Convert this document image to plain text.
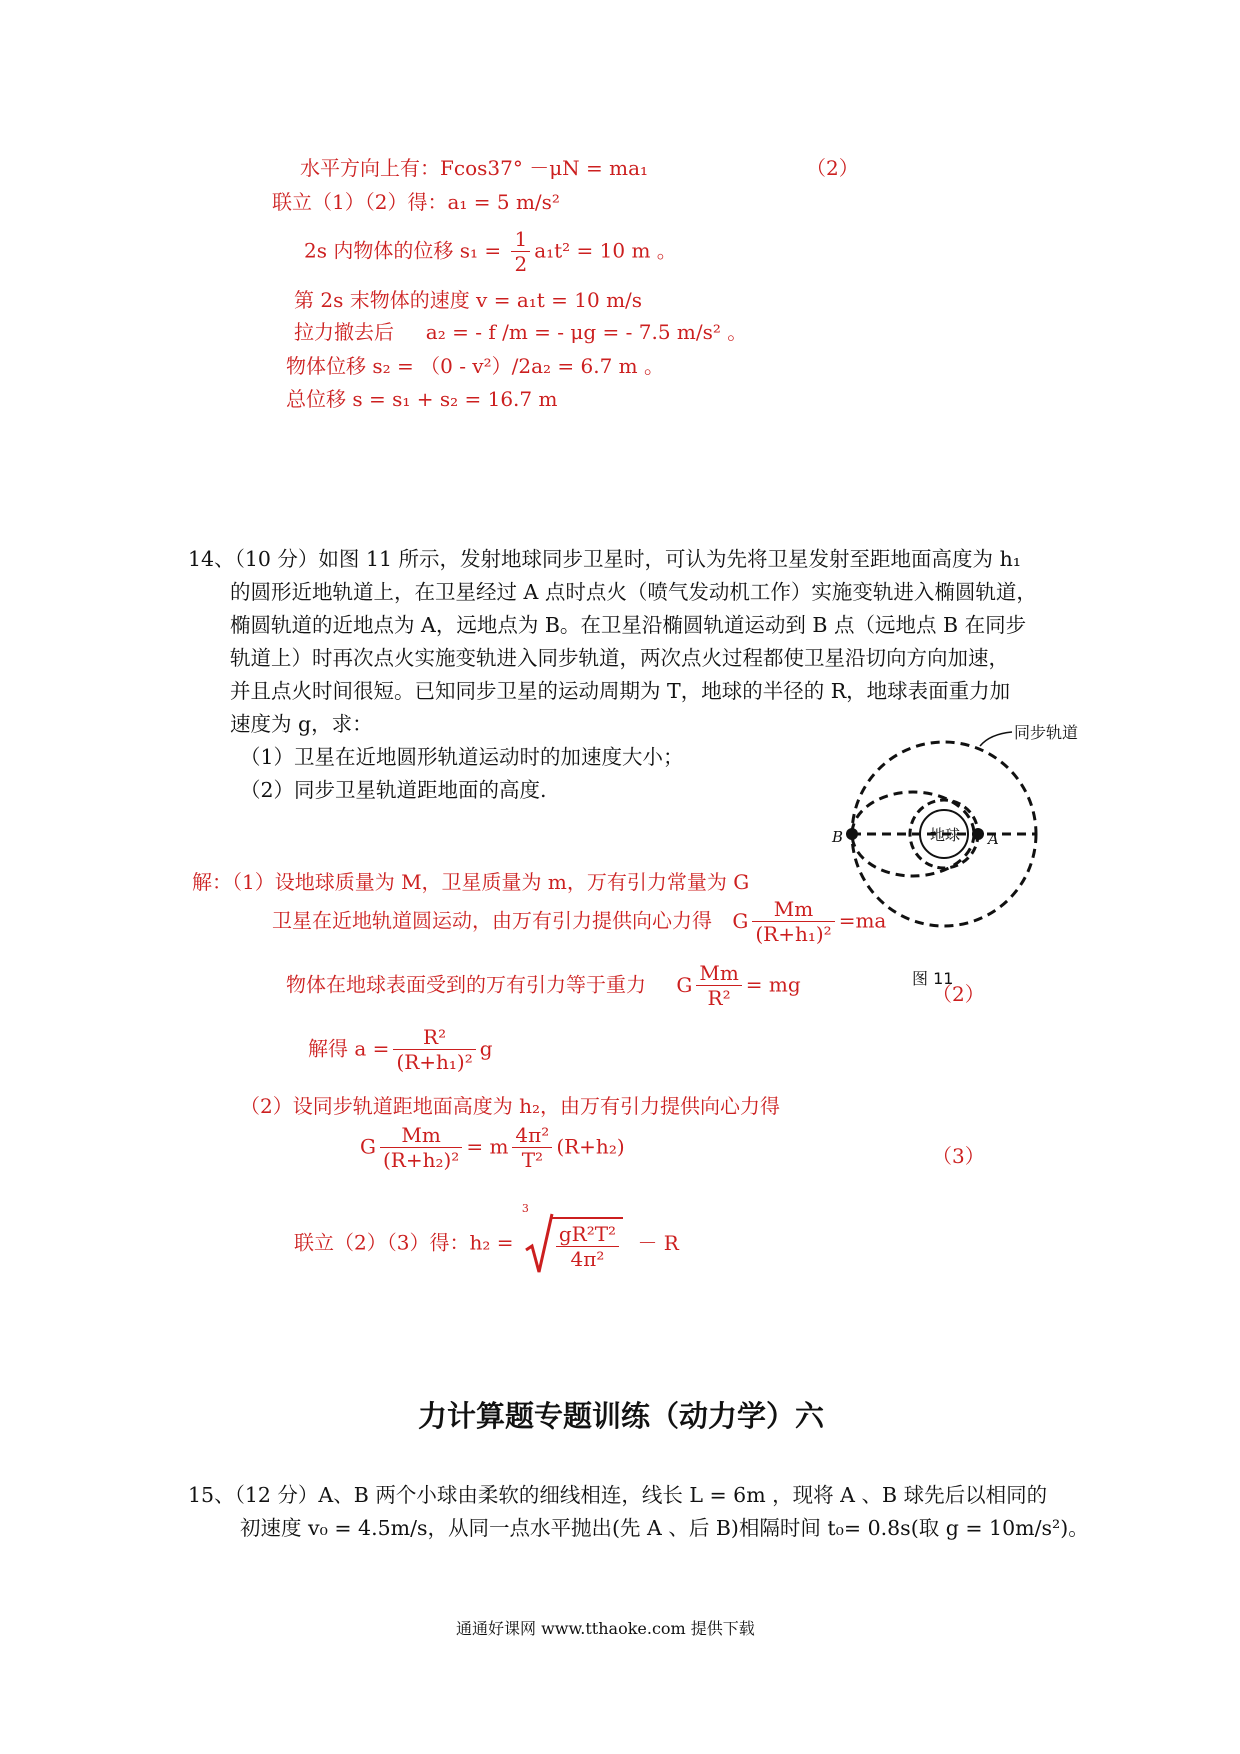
水平方向上有：Fcos37° －μN = ma₁	（2）
联立（1）（2）得：a₁ = 5 m/s²
2s 内物体的位移 $s_1 = \frac{1}{2} a_1t^2 = 10$ m 。
第 2s 末物体的速度 v = a₁t = 10 m/s
拉力撤去后     a₂ = - f /m = - μg = - 7.5 m/s² 。
物体位移 s₂ = （0 - v²）/2a₂ = 6.7 m 。
总位移 s = s₁ + s₂ = 16.7 m
14、（10 分）如图 11 所示，发射地球同步卫星时，可认为先将卫星发射至距地面高度为 h₁
的圆形近地轨道上，在卫星经过 A 点时点火（喷气发动机工作）实施变轨进入椭圆轨道，
椭圆轨道的近地点为 A，远地点为 B。在卫星沿椭圆轨道运动到 B 点（远地点 B 在同步
轨道上）时再次点火实施变轨进入同步轨道，两次点火过程都使卫星沿切向方向加速，
并且点火时间很短。已知同步卫星的运动周期为 T，地球的半径的 R，地球表面重力加
速度为 g，求：
（1）卫星在近地圆形轨道运动时的加速度大小；
（2）同步卫星轨道距地面的高度.
同步轨道
地球
B	A
图 11
解：（1）设地球质量为 M，卫星质量为 m，万有引力常量为 G
卫星在近地轨道圆运动，由万有引力提供向心力得 G $\frac{Mm}{\text{(R+h₁)²}} =ma$
物体在地球表面受到的万有引力等于重力 G $\frac{Mm}{\text{R²}}$ = mg	（2）
解得 $a = \frac{\text{R²}}{\text{(R+h₁)²}}$ g
（2）设同步轨道距地面高度为 h₂，由万有引力提供向心力得
G $\frac{Mm}{\text{(R+h₂)²}} = m \frac{\text{4π²}}{\text{T²}} (R+h_2)$	（3）
联立（2）（3）得：h₂ =
3
$\frac{\text{gR²T²}}{\text{4π²}} - R$
力计算题专题训练（动力学）六
15、（12 分）A、B 两个小球由柔软的细线相连，线长 L = 6m ，现将 A 、B 球先后以相同的
初速度 v₀ = 4.5m/s，从同一点水平抛出(先 A 、后 B)相隔时间 t₀= 0.8s(取 g = 10m/s²)。
通通好课网 www.tthaoke.com 提供下载
